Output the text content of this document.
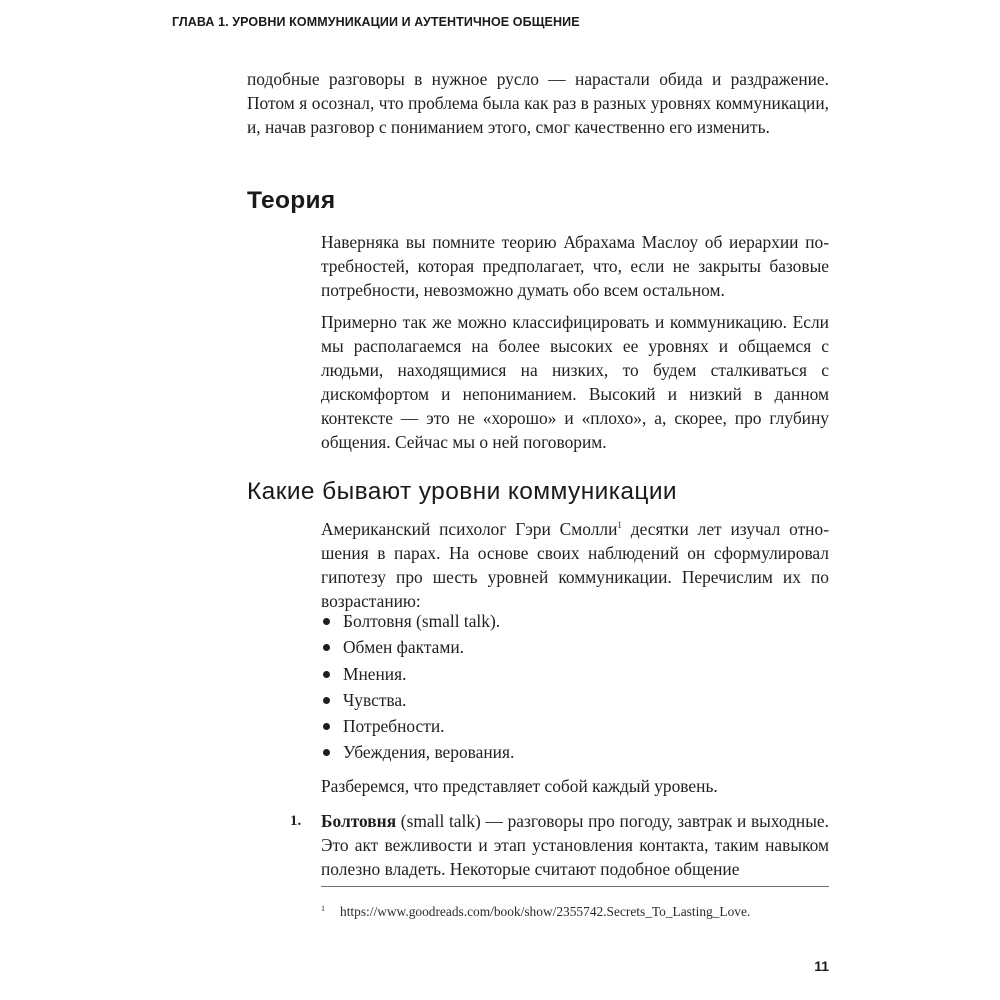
ГЛАВА 1. УРОВНИ КОММУНИКАЦИИ И АУТЕНТИЧНОЕ ОБЩЕНИЕ

подобные разговоры в нужное русло — нарастали обида и раздражение. Потом я осознал, что проблема была как раз в разных уровнях коммуникации, и, начав разговор с пониманием этого, смог качественно его изменить.

Теория

Наверняка вы помните теорию Абрахама Маслоу об иерархии потребностей, которая предполагает, что, если не закрыты базовые потребности, невозможно думать обо всем остальном.

Примерно так же можно классифицировать и коммуникацию. Если мы располагаемся на более высоких ее уровнях и общаемся с людьми, находящимися на низких, то будем сталкиваться с дискомфортом и непониманием. Высокий и низкий в данном контексте — это не «хорошо» и «плохо», а, скорее, про глубину общения. Сейчас мы о ней поговорим.

Какие бывают уровни коммуникации

Американский психолог Гэри Смолли$^1$ десятки лет изучал отношения в парах. На основе своих наблюдений он сформулировал гипотезу про шесть уровней коммуникации. Перечислим их по возрастанию:

Болтовня (small talk).
Обмен фактами.
Мнения.
Чувства.
Потребности.
Убеждения, верования.

Разберемся, что представляет собой каждый уровень.

1. Болтовня (small talk) — разговоры про погоду, завтрак и выходные. Это акт вежливости и этап установления контакта, таким навыком полезно владеть. Некоторые считают подобное общение

1 https://www.goodreads.com/book/show/2355742.Secrets_To_Lasting_Love.
11
